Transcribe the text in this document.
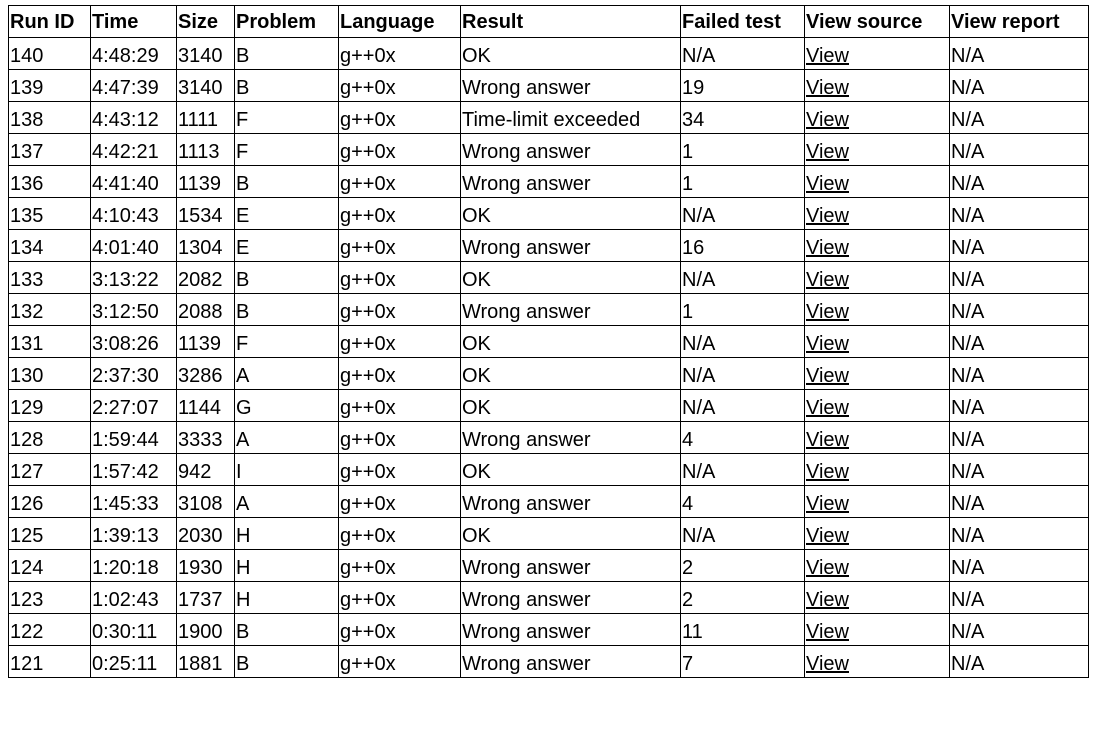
Run ID	Time	Size	Problem	Language	Result	Failed test	View source	View report
140	4:48:29	3140	B	g++0x	OK	N/A	View	N/A
139	4:47:39	3140	B	g++0x	Wrong answer	19	View	N/A
138	4:43:12	1111	F	g++0x	Time-limit exceeded	34	View	N/A
137	4:42:21	1113	F	g++0x	Wrong answer	1	View	N/A
136	4:41:40	1139	B	g++0x	Wrong answer	1	View	N/A
135	4:10:43	1534	E	g++0x	OK	N/A	View	N/A
134	4:01:40	1304	E	g++0x	Wrong answer	16	View	N/A
133	3:13:22	2082	B	g++0x	OK	N/A	View	N/A
132	3:12:50	2088	B	g++0x	Wrong answer	1	View	N/A
131	3:08:26	1139	F	g++0x	OK	N/A	View	N/A
130	2:37:30	3286	A	g++0x	OK	N/A	View	N/A
129	2:27:07	1144	G	g++0x	OK	N/A	View	N/A
128	1:59:44	3333	A	g++0x	Wrong answer	4	View	N/A
127	1:57:42	942	I	g++0x	OK	N/A	View	N/A
126	1:45:33	3108	A	g++0x	Wrong answer	4	View	N/A
125	1:39:13	2030	H	g++0x	OK	N/A	View	N/A
124	1:20:18	1930	H	g++0x	Wrong answer	2	View	N/A
123	1:02:43	1737	H	g++0x	Wrong answer	2	View	N/A
122	0:30:11	1900	B	g++0x	Wrong answer	11	View	N/A
121	0:25:11	1881	B	g++0x	Wrong answer	7	View	N/A
